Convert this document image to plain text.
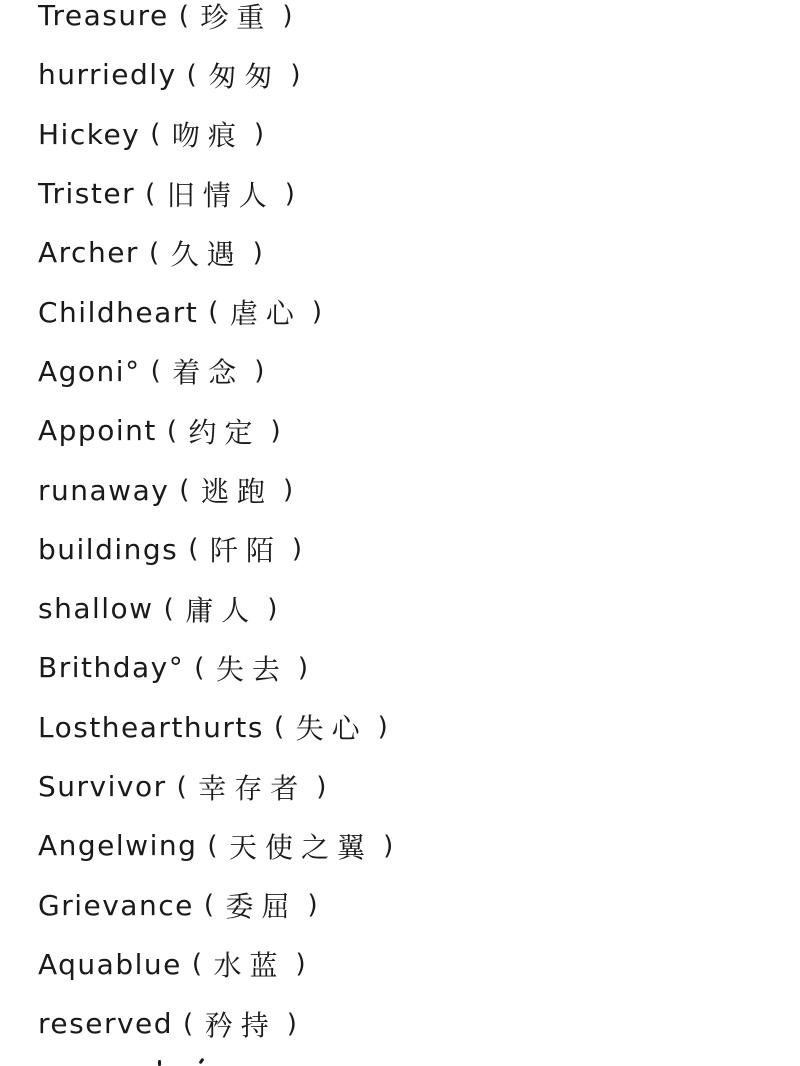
Treasure ( 珍重 )
hurriedly ( 匆匆 )
Hickey ( 吻痕 )
Trister ( 旧情人 )
Archer ( 久遇 )
Childheart ( 虐心 )
Agoni° ( 着念 )
Appoint ( 约定 )
runaway ( 逃跑 )
buildings ( 阡陌 )
shallow ( 庸人 )
Brithday° ( 失去 )
Losthearthurts ( 失心 )
Survivor ( 幸存者 )
Angelwing ( 天使之翼 )
Grievance ( 委屈 )
Aquablue ( 水蓝 )
reserved ( 矜持 )
